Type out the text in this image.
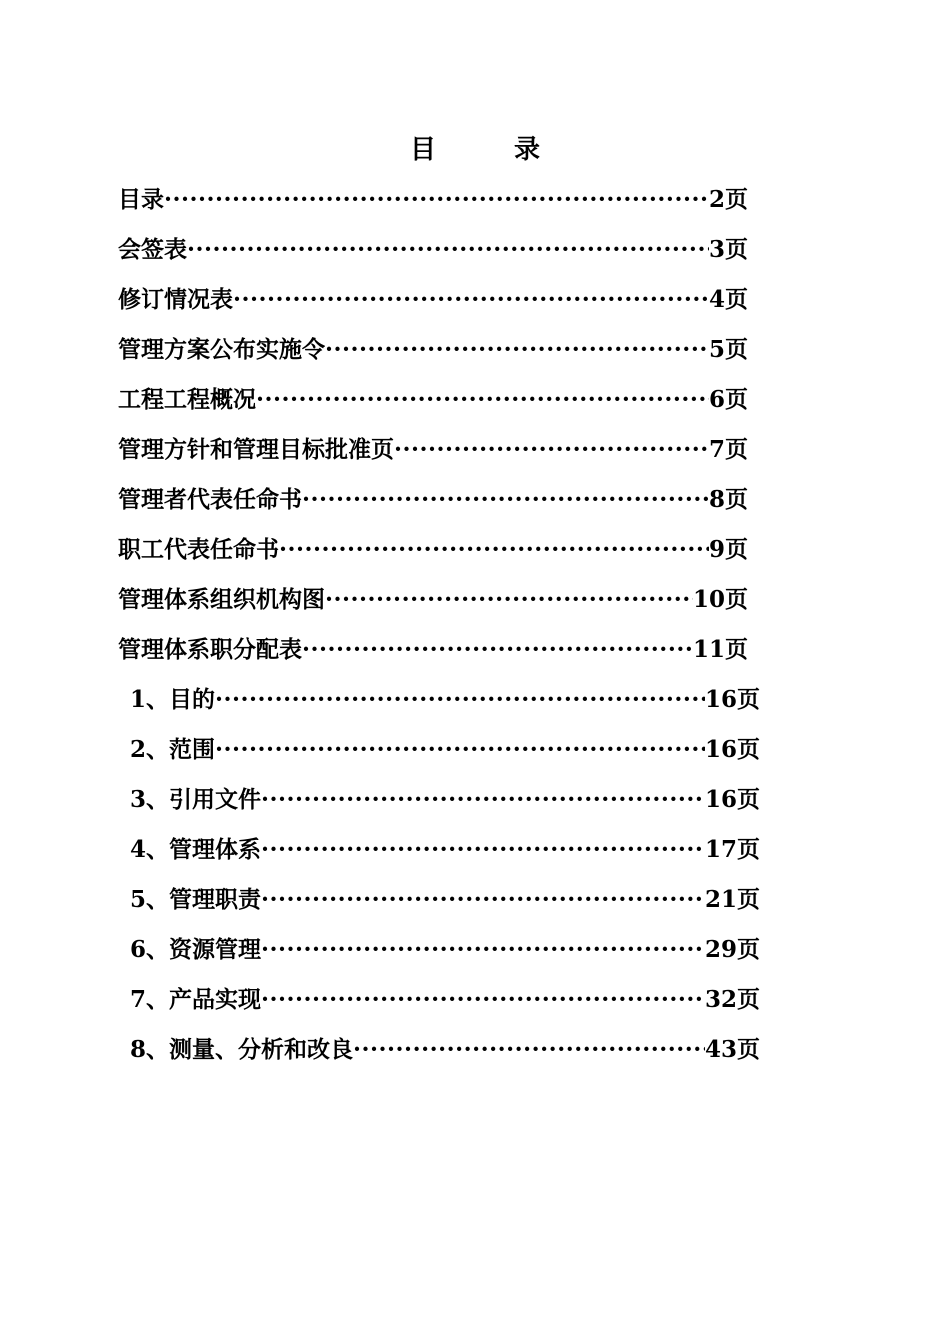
目　录
目录 ·····	2页
会签表 ·····	3页
修订情况表 ·····	4页
管理方案公布实施令 ·····	5页
工程工程概况 ·····	6页
管理方针和管理目标批准页 ·····	7页
管理者代表任命书 ·····	8页
职工代表任命书 ·····	9页
管理体系组织机构图 ·····	10页
管理体系职分配表 ·····	11页
1、目的 ·····	16页
2、范围 ·····	16页
3、引用文件 ·····	16页
4、管理体系 ·····	17页
5、管理职责 ·····	21页
6、资源管理 ·····	29页
7、产品实现 ·····	32页
8、测量、分析和改良 ·····	43页
